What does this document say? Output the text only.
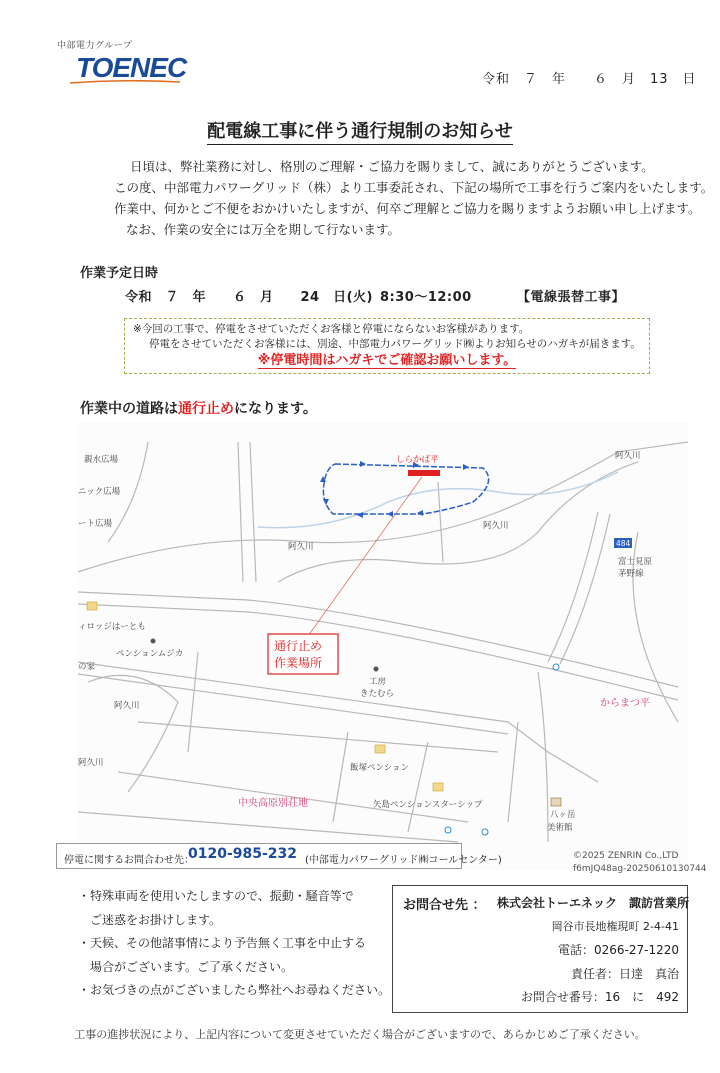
中部電力グループ
TOENEC	令和　７　年　　６　月　13　日
配電線工事に伴う通行規制のお知らせ

日頃は、弊社業務に対し、格別のご理解・ご協力を賜りまして、誠にありがとうございます。

この度、中部電力パワーグリッド（株）より工事委託され、下記の場所で工事を行うご案内をいたします。

作業中、何かとご不便をおかけいたしますが、何卒ご理解とご協力を賜りますようお願い申し上げます。

なお、作業の安全には万全を期して行ないます。

作業予定日時
令和　７　年　　６　月　　24　日(火) 8:30〜12:00	【電線張替工事】
※今回の工事で、停電をさせていただくお客様と停電にならないお客様があります。
停電をさせていただくお客様には、別途、中部電力パワーグリッド㈱よりお知らせのハガキが届きます。
※停電時間はハガキでご確認お願いします。
作業中の道路は通行止めになります。
しらかば平
通行止め
作業場所
484
阿久川
阿久川
阿久川
阿久川
阿久川
富士見原
茅野線
からまつ平
工房
きたむら
ペンションムジカ
ィロッジはーとも
の家
飯塚ペンション
矢島ペンションスターシップ
中央高原別荘地
八ヶ岳
美術館
親水広場
ニック広場
ート広場
停電に関するお問合わせ先：
0120-985-232 (中部電力パワーグリッド㈱コールセンター)	©2025 ZENRIN Co.,LTD
f6mJQ48ag-20250610130744
・特殊車両を使用いたしますので、振動・騒音等で
　ご迷惑をお掛けします。
・天候、その他諸事情により予告無く工事を中止する
　場合がございます。ご了承ください。
・お気づきの点がございましたら弊社へお尋ねください。
お問合せ先 ： 株式会社トーエネック　諏訪営業所
岡谷市長地権現町 2-4-41
電話：0266-27-1220
責任者：日達　真治
お問合せ番号：16　に　492
工事の進捗状況により、上記内容について変更させていただく場合がございますので、あらかじめご了承ください。
